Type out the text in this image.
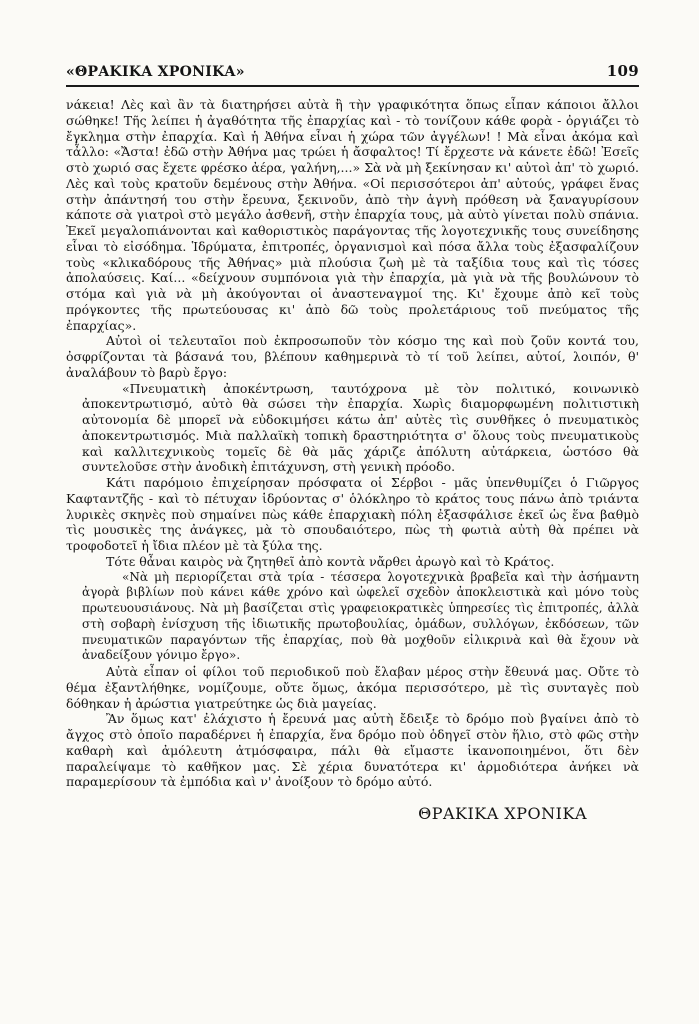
«ΘΡΑΚΙΚΑ ΧΡΟΝΙΚΑ»	109

νάκεια! Λὲς καὶ ἂν τὰ διατηρήσει αὐτὰ ἢ τὴν γραφικότητα ὅπως εἶπαν κάποιοι ἄλλοι σώθηκε! Τῆς λείπει ἡ ἀγαθότητα τῆς ἐπαρχίας καὶ - τὸ τονίζουν κάθε φορὰ - ὀργιάζει τὸ ἔγκλημα στὴν ἐπαρχία. Καὶ ἡ Ἀθήνα εἶναι ἡ χώρα τῶν ἀγγέλων! ! Μὰ εἶναι ἀκόμα καὶ τἆλλο: «Ἄστα! ἐδῶ στὴν Ἀθήνα μας τρώει ἡ ἄσφαλτος! Τί ἔρχεστε νὰ κάνετε ἐδῶ! Ἐσεῖς στὸ χωριό σας ἔχετε φρέσκο ἀέρα, γαλήνη,...» Σὰ νὰ μὴ ξεκίνησαν κι' αὐτοὶ ἀπ' τὸ χωριό. Λὲς καὶ τοὺς κρατοῦν δεμένους στὴν Ἀθήνα. «Οἱ περισσότεροι ἀπ' αὐτούς, γράφει ἕνας στὴν ἀπάντησή του στὴν ἔρευνα, ξεκινοῦν, ἀπὸ τὴν ἁγνὴ πρόθεση νὰ ξαναγυρίσουν κάποτε σὰ γιατροὶ στὸ μεγάλο ἀσθενῆ, στὴν ἐπαρχία τους, μὰ αὐτὸ γίνεται πολὺ σπάνια. Ἐκεῖ μεγαλοπιάνονται καὶ καθοριστικὸς παράγοντας τῆς λογοτεχνικῆς τους συνείδησης εἶναι τὸ εἰσόδημα. Ἱδρύματα, ἐπιτροπές, ὀργανισμοὶ καὶ πόσα ἄλλα τοὺς ἐξασφαλίζουν τοὺς «κλικαδόρους τῆς Ἀθήνας» μιὰ πλούσια ζωὴ μὲ τὰ ταξίδια τους καὶ τὶς τόσες ἀπολαύσεις. Καί... «δείχνουν συμπόνοια γιὰ τὴν ἐπαρχία, μὰ γιὰ νὰ τῆς βουλώνουν τὸ στόμα καὶ γιὰ νὰ μὴ ἀκούγονται οἱ ἀναστεναγμοί της. Κι' ἔχουμε ἀπὸ κεῖ τοὺς πρόγκοντες τῆς πρωτεύουσας κι' ἀπὸ δῶ τοὺς προλετάριους τοῦ πνεύματος τῆς ἐπαρχίας».

Αὐτοὶ οἱ τελευταῖοι ποὺ ἐκπροσωποῦν τὸν κόσμο της καὶ ποὺ ζοῦν κοντά του, ὀσφρίζονται τὰ βάσανά του, βλέπουν καθημερινὰ τὸ τί τοῦ λείπει, αὐτοί, λοιπόν, θ' ἀναλάβουν τὸ βαρὺ ἔργο:

«Πνευματικὴ ἀποκέντρωση, ταυτόχρονα μὲ τὸν πολιτικό, κοινωνικὸ ἀποκεντρωτισμό, αὐτὸ θὰ σώσει τὴν ἐπαρχία. Χωρὶς διαμορφωμένη πολιτιστικὴ αὐτονομία δὲ μπορεῖ νὰ εὐδοκιμήσει κάτω ἀπ' αὐτὲς τὶς συνθῆκες ὁ πνευματικὸς ἀποκεντρωτισμός. Μιὰ παλλαϊκὴ τοπικὴ δραστηριότητα σ' ὅλους τοὺς πνευματικοὺς καὶ καλλιτεχνικοὺς τομεῖς δὲ θὰ μᾶς χάριζε ἀπόλυτη αὐτάρκεια, ὡστόσο θὰ συντελοῦσε στὴν ἀνοδικὴ ἐπιτάχυνση, στὴ γενικὴ πρόοδο.

Κάτι παρόμοιο ἐπιχείρησαν πρόσφατα οἱ Σέρβοι - μᾶς ὑπενθυμίζει ὁ Γιῶργος Καφταντζῆς - καὶ τὸ πέτυχαν ἱδρύοντας σ' ὁλόκληρο τὸ κράτος τους πάνω ἀπὸ τριάντα λυρικὲς σκηνὲς ποὺ σημαίνει πὼς κάθε ἐπαρχιακὴ πόλη ἐξασφάλισε ἐκεῖ ὡς ἕνα βαθμὸ τὶς μουσικὲς της ἀνάγκες, μὰ τὸ σπουδαιότερο, πὼς τὴ φωτιὰ αὐτὴ θὰ πρέπει νὰ τροφοδοτεῖ ἡ ἴδια πλέον μὲ τὰ ξύλα της.

Τότε θἆναι καιρὸς νὰ ζητηθεῖ ἀπὸ κοντὰ νἄρθει ἀρωγὸ καὶ τὸ Κράτος.

«Νὰ μὴ περιορίζεται στὰ τρία - τέσσερα λογοτεχνικὰ βραβεῖα καὶ τὴν ἀσήμαντη ἀγορὰ βιβλίων ποὺ κάνει κάθε χρόνο καὶ ὠφελεῖ σχεδὸν ἀποκλειστικὰ καὶ μόνο τοὺς πρωτευουσιάνους. Νὰ μὴ βασίζεται στὶς γραφειοκρατικὲς ὑπηρεσίες τὶς ἐπιτροπές, ἀλλὰ στὴ σοβαρὴ ἐνίσχυση τῆς ἰδιωτικῆς πρωτοβουλίας, ὁμάδων, συλλόγων, ἐκδόσεων, τῶν πνευματικῶν παραγόντων τῆς ἐπαρχίας, ποὺ θὰ μοχθοῦν εἰλικρινὰ καὶ θὰ ἔχουν νὰ ἀναδείξουν γόνιμο ἔργο».

Αὐτὰ εἶπαν οἱ φίλοι τοῦ περιοδικοῦ ποὺ ἔλαβαν μέρος στὴν ἔθευνά μας. Οὔτε τὸ θέμα ἐξαντλήθηκε, νομίζουμε, οὔτε ὅμως, ἀκόμα περισσότερο, μὲ τὶς συνταγὲς ποὺ δόθηκαν ἡ ἀρώστια γιατρεύτηκε ὡς διὰ μαγείας.

Ἂν ὅμως κατ' ἐλάχιστο ἡ ἔρευνά μας αὐτὴ ἔδειξε τὸ δρόμο ποὺ βγαίνει ἀπὸ τὸ ἄγχος στὸ ὁποῖο παραδέρνει ἡ ἐπαρχία, ἕνα δρόμο ποὺ ὁδηγεῖ στὸν ἥλιο, στὸ φῶς στὴν καθαρὴ καὶ ἀμόλευτη ἀτμόσφαιρα, πάλι θὰ εἴμαστε ἱκανοποιημένοι, ὅτι δὲν παραλείψαμε τὸ καθῆκον μας. Σὲ χέρια δυνατότερα κι' ἁρμοδιότερα ἀνήκει νὰ παραμερίσουν τὰ ἐμπόδια καὶ ν' ἀνοίξουν τὸ δρόμο αὐτό.

ΘΡΑΚΙΚΑ ΧΡΟΝΙΚΑ
